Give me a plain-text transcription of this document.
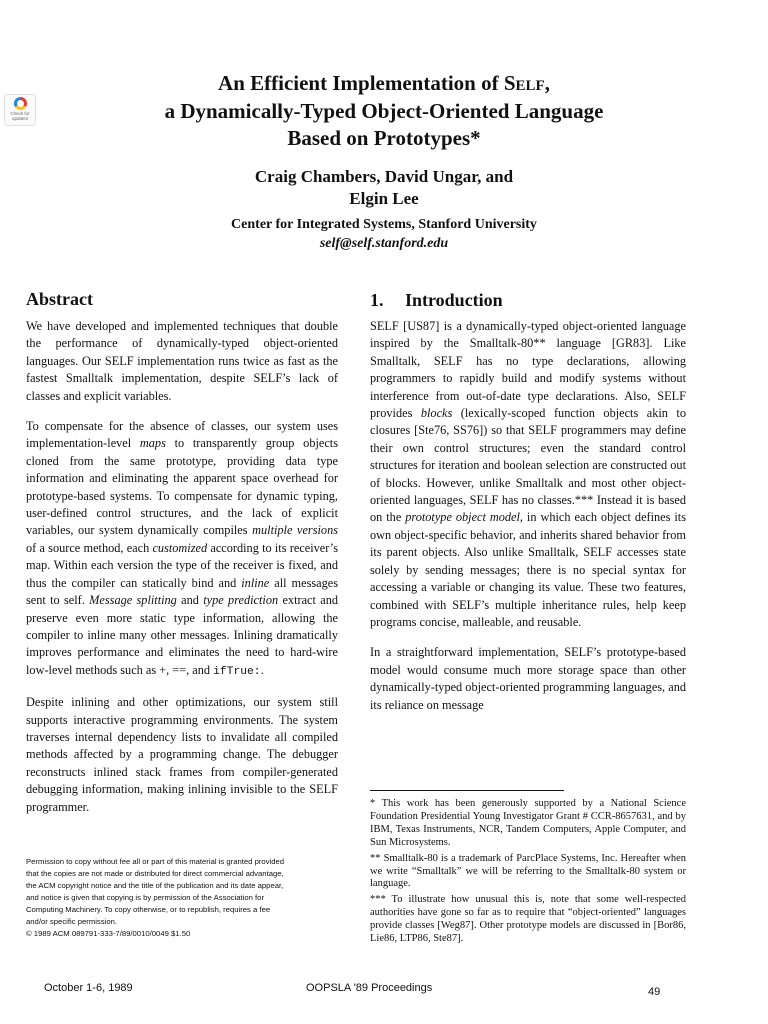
Check for updates
An Efficient Implementation of Self,
a Dynamically-Typed Object-Oriented Language
Based on Prototypes*
Craig Chambers, David Ungar, and
Elgin Lee
Center for Integrated Systems, Stanford University
self@self.stanford.edu
Abstract

We have developed and implemented techniques that double the performance of dynamically-typed object-oriented languages. Our SELF implementation runs twice as fast as the fastest Smalltalk implementation, despite SELF’s lack of classes and explicit variables.

To compensate for the absence of classes, our system uses implementation-level maps to transparently group objects cloned from the same prototype, providing data type information and eliminating the apparent space overhead for prototype-based systems. To compensate for dynamic typing, user-defined control structures, and the lack of explicit variables, our system dynamically compiles multiple versions of a source method, each customized according to its receiver’s map. Within each version the type of the receiver is fixed, and thus the compiler can statically bind and inline all messages sent to self. Message splitting and type prediction extract and preserve even more static type information, allowing the compiler to inline many other messages. Inlining dramatically improves performance and eliminates the need to hard-wire low-level methods such as +, ==, and ifTrue:.

Despite inlining and other optimizations, our system still supports interactive programming environments. The system traverses internal dependency lists to invalidate all compiled methods affected by a programming change. The debugger reconstructs inlined stack frames from compiler-generated debugging information, making inlining invisible to the SELF programmer.

Permission to copy without fee all or part of this material is granted provided

that the copies are not made or distributed for direct commercial advantage,

the ACM copyright notice and the title of the publication and its date appear,

and notice is given that copying is by permission of the Association for

Computing Machinery. To copy otherwise, or to republish, requires a fee

and/or specific permission.

© 1989 ACM 089791-333-7/89/0010/0049 $1.50

1. Introduction

SELF [US87] is a dynamically-typed object-oriented language inspired by the Smalltalk-80** language [GR83]. Like Smalltalk, SELF has no type declarations, allowing programmers to rapidly build and modify systems without interference from out-of-date type declarations. Also, SELF provides blocks (lexically-scoped function objects akin to closures [Ste76, SS76]) so that SELF programmers may define their own control structures; even the standard control structures for iteration and boolean selection are constructed out of blocks. However, unlike Smalltalk and most other object-oriented languages, SELF has no classes.*** Instead it is based on the prototype object model, in which each object defines its own object-specific behavior, and inherits shared behavior from its parent objects. Also unlike Smalltalk, SELF accesses state solely by sending messages; there is no special syntax for accessing a variable or changing its value. These two features, combined with SELF’s multiple inheritance rules, help keep programs concise, malleable, and reusable.

In a straightforward implementation, SELF’s prototype-based model would consume much more storage space than other dynamically-typed object-oriented programming languages, and its reliance on message

* This work has been generously supported by a National Science Foundation Presidential Young Investigator Grant # CCR-8657631, and by IBM, Texas Instruments, NCR, Tandem Computers, Apple Computer, and Sun Microsystems.

** Smalltalk-80 is a trademark of ParcPlace Systems, Inc. Hereafter when we write “Smalltalk” we will be referring to the Smalltalk-80 system or language.

*** To illustrate how unusual this is, note that some well-respected authorities have gone so far as to require that “object-oriented” languages provide classes [Weg87]. Other prototype models are discussed in [Bor86, Lie86, LTP86, Ste87].

October 1-6, 1989	OOPSLA '89 Proceedings	49
